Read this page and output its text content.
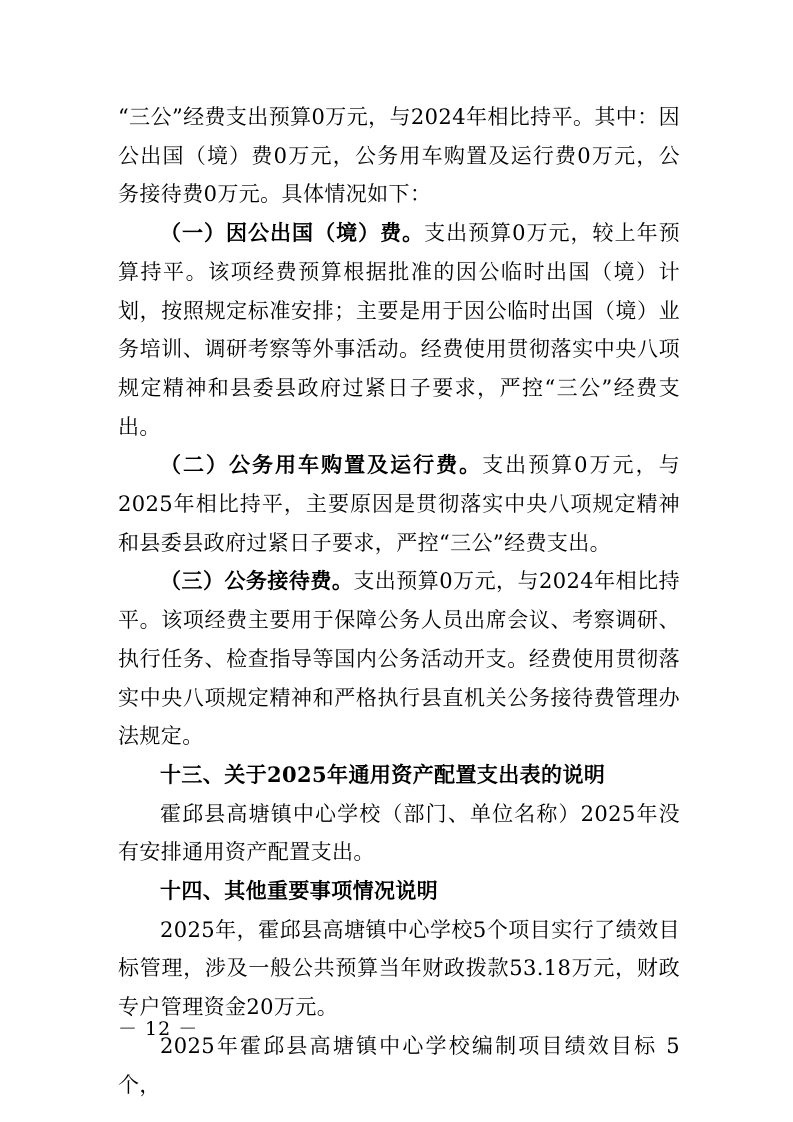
“三公”经费支出预算0万元，与2024年相比持平。其中：因公出国（境）费0万元，公务用车购置及运行费0万元，公务接待费0万元。具体情况如下：

（一）因公出国（境）费。支出预算0万元，较上年预算持平。该项经费预算根据批准的因公临时出国（境）计划，按照规定标准安排；主要是用于因公临时出国（境）业务培训、调研考察等外事活动。经费使用贯彻落实中央八项规定精神和县委县政府过紧日子要求，严控“三公”经费支出。

（二）公务用车购置及运行费。支出预算0万元，与2025年相比持平，主要原因是贯彻落实中央八项规定精神和县委县政府过紧日子要求，严控“三公”经费支出。

（三）公务接待费。支出预算0万元，与2024年相比持平。该项经费主要用于保障公务人员出席会议、考察调研、执行任务、检查指导等国内公务活动开支。经费使用贯彻落实中央八项规定精神和严格执行县直机关公务接待费管理办法规定。

十三、关于2025年通用资产配置支出表的说明

霍邱县高塘镇中心学校（部门、单位名称）2025年没有安排通用资产配置支出。

十四、其他重要事项情况说明

2025年，霍邱县高塘镇中心学校5个项目实行了绩效目标管理，涉及一般公共预算当年财政拨款53.18万元，财政专户管理资金20万元。

2025年霍邱县高塘镇中心学校编制项目绩效目标 5个，

－ 12 －
